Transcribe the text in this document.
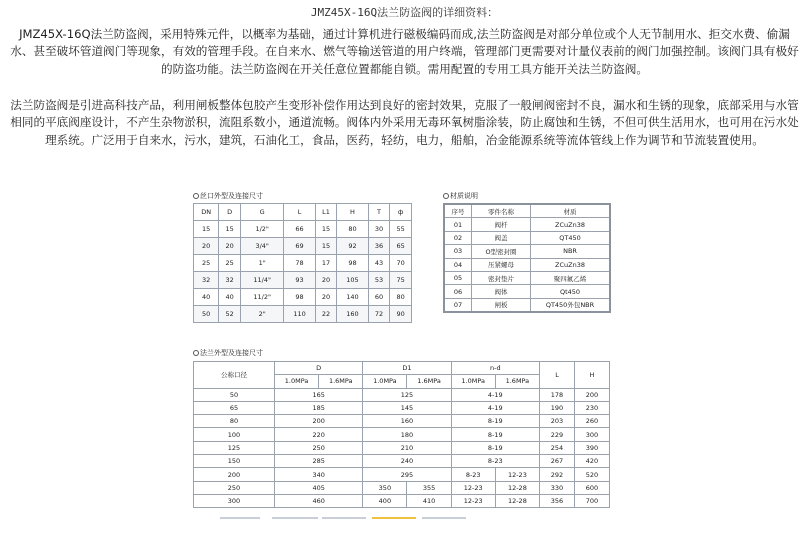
JMZ45X-16Q法兰防盗阀的详细资料：
JMZ45X-16Q法兰防盗阀，采用特殊元件，以概率为基础，通过计算机进行磁极编码而成,法兰防盗阀是对部分单位或个人无节制用水、拒交水费、偷漏水、甚至破坏管道阀门等现象，有效的管理手段。在自来水、燃气等输送管道的用户终端，管理部门更需要对计量仪表前的阀门加强控制。该阀门具有极好的防盗功能。法兰防盗阀在开关任意位置都能自锁。需用配置的专用工具方能开关法兰防盗阀。
法兰防盗阀是引进高科技产品，利用闸板整体包胶产生变形补偿作用达到良好的密封效果，克服了一般闸阀密封不良，漏水和生锈的现象，底部采用与水管相同的平底阀座设计，不产生杂物淤积，流阻系数小，通道流畅。阀体内外采用无毒环氧树脂涂装，防止腐蚀和生锈，不但可供生活用水，也可用在污水处理系统。广泛用于自来水，污水，建筑，石油化工，食品，医药，轻纺，电力，船舶，冶金能源系统等流体管线上作为调节和节流装置使用。
丝口外型及连接尺寸
DN	D	G	L	L1	H	T	ф
15	15	1/2"	66	15	80	30	55
20	20	3/4"	69	15	92	36	65
25	25	1"	78	17	98	43	70
32	32	11/4"	93	20	105	53	75
40	40	11/2"	98	20	140	60	80
50	52	2"	110	22	160	72	90
材质说明
序号	零件名称	材质
01	阀杆	ZCuZn38
02	阀盖	QT450
03	O型密封圈	NBR
04	压紧螺母	ZCuZn38
05	密封垫片	聚四氟乙烯
06	阀体	Qt450
07	闸板	QT450外包NBR
法兰外型及连接尺寸
公称口径	D		D1		n-d		L	H
	1.0MPa	1.6MPa	1.0MPa	1.6MPa	1.0MPa	1.6MPa		
50	165		125		4-19		178	200
65	185		145		4-19		190	230
80	200		160		8-19		203	260
100	220		180		8-19		229	300
125	250		210		8-19		254	390
150	285		240		8-23		267	420
200	340		295		8-23	12-23	292	520
250	405		350	355	12-23	12-28	330	600
300	460		400	410	12-23	12-28	356	700
